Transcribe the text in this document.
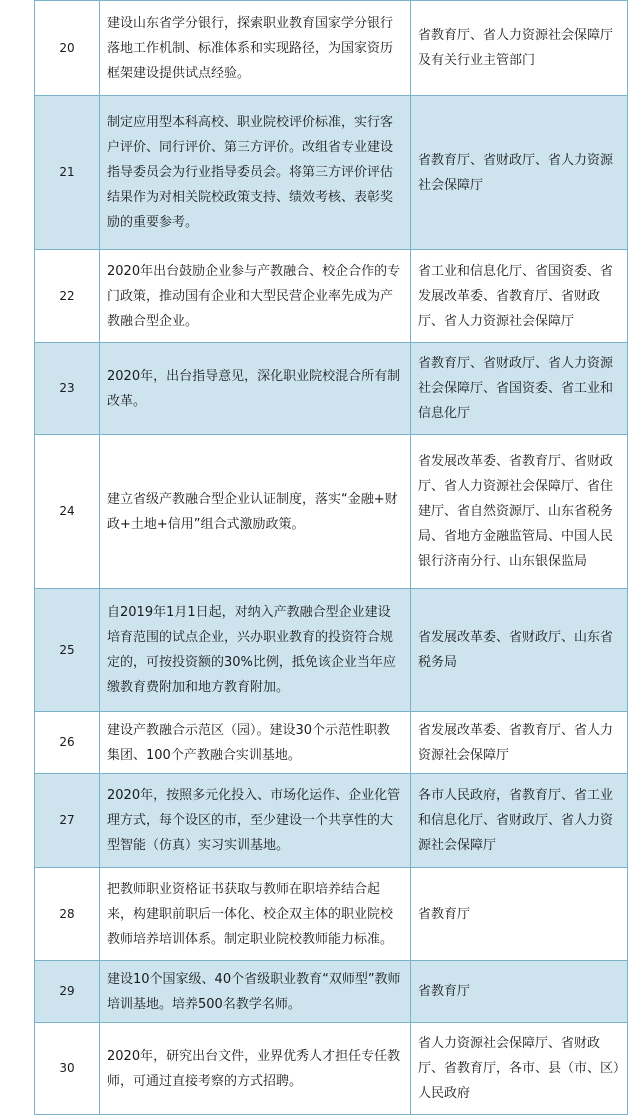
20	建设山东省学分银行，探索职业教育国家学分银行落地工作机制、标准体系和实现路径，为国家资历框架建设提供试点经验。	省教育厅、省人力资源社会保障厅及有关行业主管部门
21	制定应用型本科高校、职业院校评价标准，实行客户评价、同行评价、第三方评价。改组省专业建设指导委员会为行业指导委员会。将第三方评价评估结果作为对相关院校政策支持、绩效考核、表彰奖励的重要参考。	省教育厅、省财政厅、省人力资源社会保障厅
22	2020年出台鼓励企业参与产教融合、校企合作的专门政策，推动国有企业和大型民营企业率先成为产教融合型企业。	省工业和信息化厅、省国资委、省发展改革委、省教育厅、省财政厅、省人力资源社会保障厅
23	2020年，出台指导意见，深化职业院校混合所有制改革。	省教育厅、省财政厅、省人力资源社会保障厅、省国资委、省工业和信息化厅
24	建立省级产教融合型企业认证制度，落实“金融+财政+土地+信用”组合式激励政策。	省发展改革委、省教育厅、省财政厅、省人力资源社会保障厅、省住建厅、省自然资源厅、山东省税务局、省地方金融监管局、中国人民银行济南分行、山东银保监局
25	自2019年1月1日起，对纳入产教融合型企业建设培育范围的试点企业，兴办职业教育的投资符合规定的，可按投资额的30%比例，抵免该企业当年应缴教育费附加和地方教育附加。	省发展改革委、省财政厅、山东省税务局
26	建设产教融合示范区（园）。建设30个示范性职教集团、100个产教融合实训基地。	省发展改革委、省教育厅、省人力资源社会保障厅
27	2020年，按照多元化投入、市场化运作、企业化管理方式，每个设区的市，至少建设一个共享性的大型智能（仿真）实习实训基地。	各市人民政府，省教育厅、省工业和信息化厅、省财政厅、省人力资源社会保障厅
28	把教师职业资格证书获取与教师在职培养结合起来，构建职前职后一体化、校企双主体的职业院校教师培养培训体系。制定职业院校教师能力标准。	省教育厅
29	建设10个国家级、40个省级职业教育“双师型”教师培训基地。培养500名教学名师。	省教育厅
30	2020年，研究出台文件，业界优秀人才担任专任教师，可通过直接考察的方式招聘。	省人力资源社会保障厅、省财政厅、省教育厅，各市、县（市、区）人民政府
